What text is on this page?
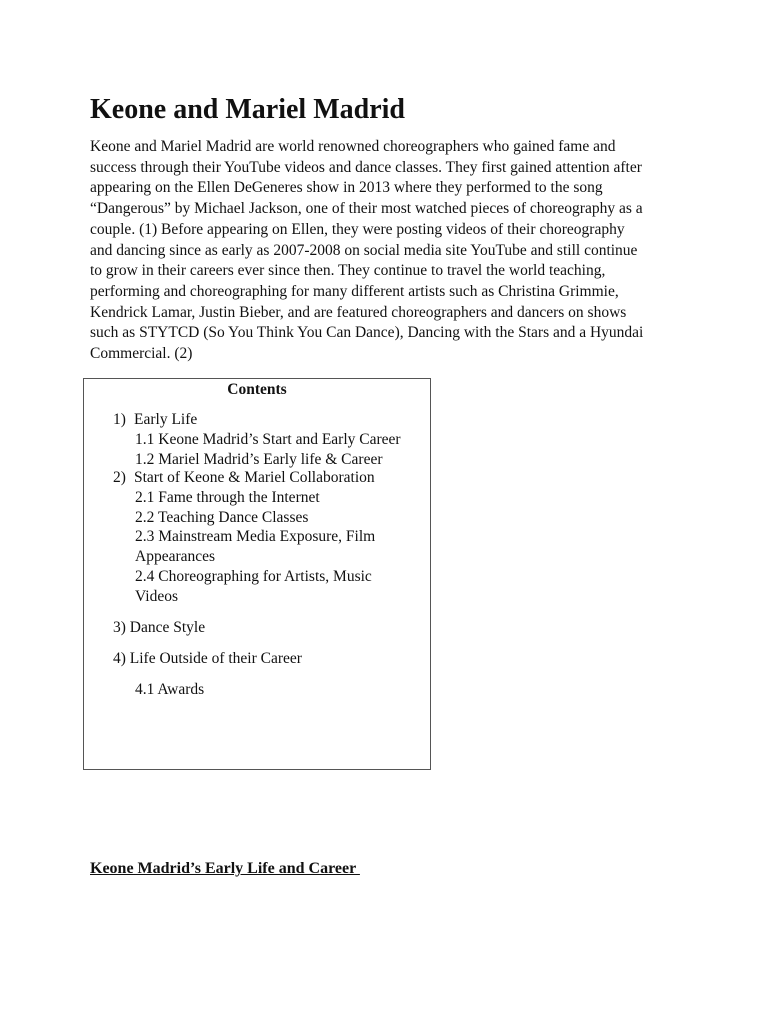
Keone and Mariel Madrid

Keone and Mariel Madrid are world renowned choreographers who gained fame and
success through their YouTube videos and dance classes. They first gained attention after
appearing on the Ellen DeGeneres show in 2013 where they performed to the song
“Dangerous” by Michael Jackson, one of their most watched pieces of choreography as a
couple. (1) Before appearing on Ellen, they were posting videos of their choreography
and dancing since as early as 2007-2008 on social media site YouTube and still continue
to grow in their careers ever since then. They continue to travel the world teaching,
performing and choreographing for many different artists such as Christina Grimmie,
Kendrick Lamar, Justin Bieber, and are featured choreographers and dancers on shows
such as STYTCD (So You Think You Can Dance), Dancing with the Stars and a Hyundai
Commercial. (2)

Contents
1) Early Life
1.1 Keone Madrid’s Start and Early Career
1.2 Mariel Madrid’s Early life & Career
2) Start of Keone & Mariel Collaboration
2.1 Fame through the Internet
2.2 Teaching Dance Classes
2.3 Mainstream Media Exposure, Film
Appearances
2.4 Choreographing for Artists, Music
Videos
3) Dance Style
4) Life Outside of their Career
4.1 Awards
Keone Madrid’s Early Life and Career
